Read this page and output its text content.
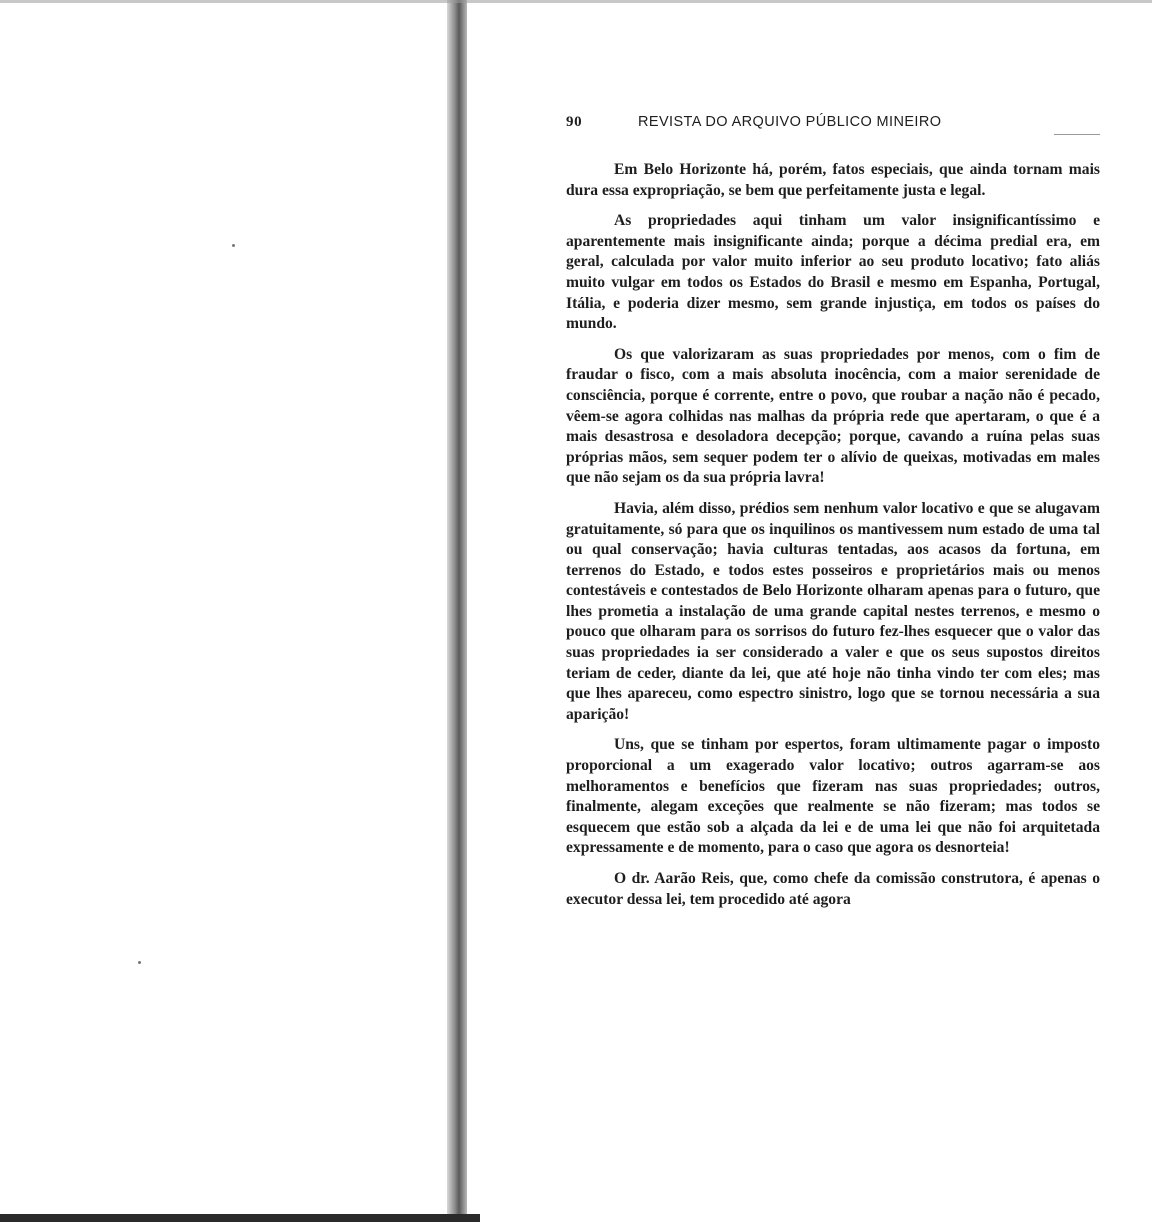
90	REVISTA DO ARQUIVO PÚBLICO MINEIRO

Em Belo Horizonte há, porém, fatos especiais, que ainda tornam mais dura essa expropriação, se bem que perfeitamente justa e legal.

As propriedades aqui tinham um valor insignificantíssimo e aparentemente mais insignificante ainda; porque a décima predial era, em geral, calculada por valor muito inferior ao seu produto locativo; fato aliás muito vulgar em todos os Estados do Brasil e mesmo em Espanha, Portugal, Itália, e poderia dizer mesmo, sem grande injustiça, em todos os países do mundo.

Os que valorizaram as suas propriedades por menos, com o fim de fraudar o fisco, com a mais absoluta inocência, com a maior serenidade de consciência, porque é corrente, entre o povo, que roubar a nação não é pecado, vêem-se agora colhidas nas malhas da própria rede que apertaram, o que é a mais desastrosa e desoladora decepção; porque, cavando a ruína pelas suas próprias mãos, sem sequer podem ter o alívio de queixas, motivadas em males que não sejam os da sua própria lavra!

Havia, além disso, prédios sem nenhum valor locativo e que se alugavam gratuitamente, só para que os inquilinos os mantivessem num estado de uma tal ou qual conservação; havia culturas tentadas, aos acasos da fortuna, em terrenos do Estado, e todos estes posseiros e proprietários mais ou menos contestáveis e contestados de Belo Horizonte olharam apenas para o futuro, que lhes prometia a instalação de uma grande capital nestes terrenos, e mesmo o pouco que olharam para os sorrisos do futuro fez-lhes esquecer que o valor das suas propriedades ia ser considerado a valer e que os seus supostos direitos teriam de ceder, diante da lei, que até hoje não tinha vindo ter com eles; mas que lhes apareceu, como espectro sinistro, logo que se tornou necessária a sua aparição!

Uns, que se tinham por espertos, foram ultimamente pagar o imposto proporcional a um exagerado valor locativo; outros agarram-se aos melhoramentos e benefícios que fizeram nas suas propriedades; outros, finalmente, alegam exceções que realmente se não fizeram; mas todos se esquecem que estão sob a alçada da lei e de uma lei que não foi arquitetada expressamente e de momento, para o caso que agora os desnorteia!

O dr. Aarão Reis, que, como chefe da comissão construtora, é apenas o executor dessa lei, tem procedido até agora
